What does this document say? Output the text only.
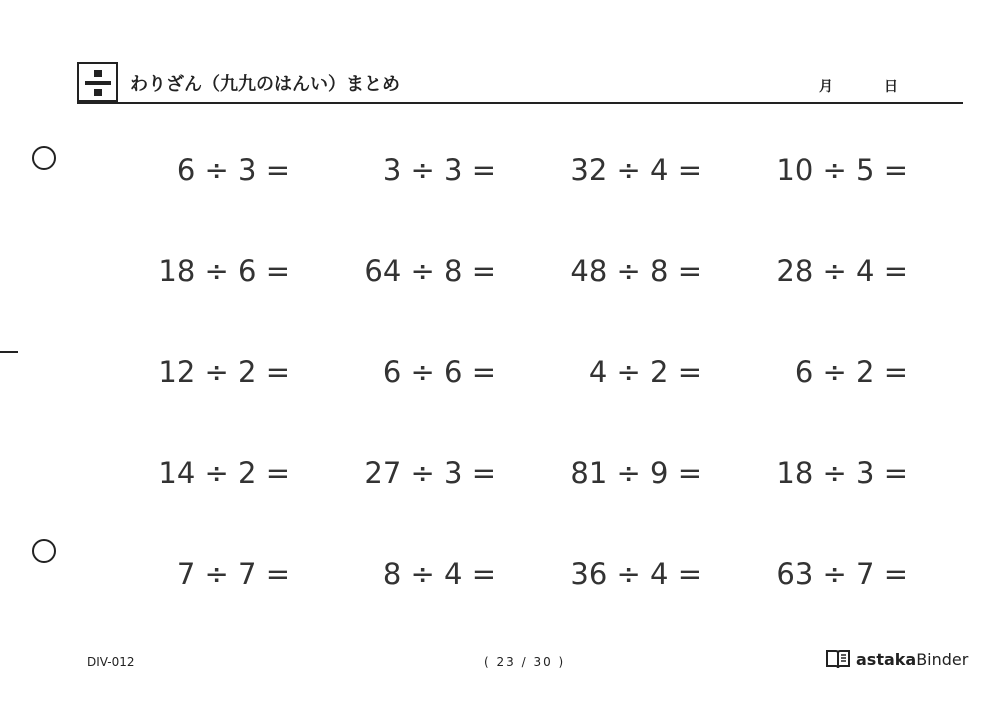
わりざん（九九のはんい）まとめ	月	日
6 ÷ 3 =	3 ÷ 3 =	32 ÷ 4 =	10 ÷ 5 =
18 ÷ 6 =	64 ÷ 8 =	48 ÷ 8 =	28 ÷ 4 =
12 ÷ 2 =	6 ÷ 6 =	4 ÷ 2 =	6 ÷ 2 =
14 ÷ 2 =	27 ÷ 3 =	81 ÷ 9 =	18 ÷ 3 =
7 ÷ 7 =	8 ÷ 4 =	36 ÷ 4 =	63 ÷ 7 =
DIV-012	( 23 / 30 )	astakaBinder
